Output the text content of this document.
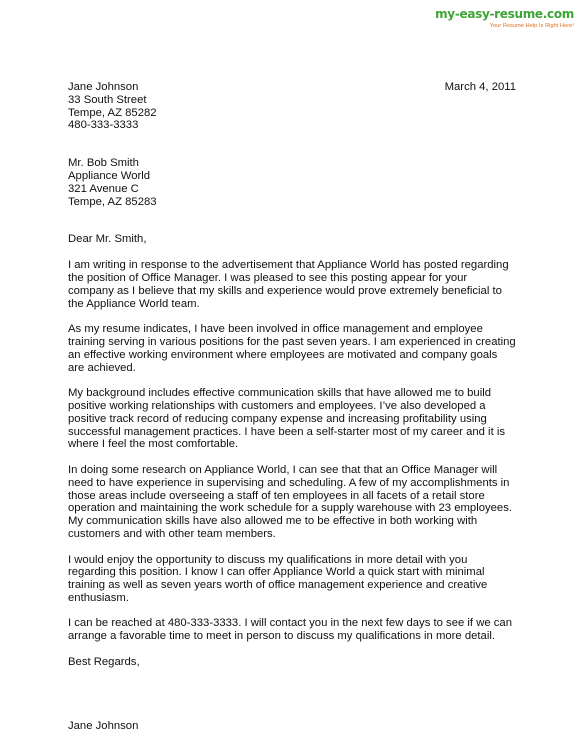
my-easy-resume.com
Your Resume Help Is Right Here!
March 4, 2011
Jane Johnson
33 South Street
Tempe, AZ 85282
480-333-3333
Mr. Bob Smith
Appliance World
321 Avenue C
Tempe, AZ 85283
Dear Mr. Smith,

I am writing in response to the advertisement that Appliance World has posted regarding the position of Office Manager. I was pleased to see this posting appear for your company as I believe that my skills and experience would prove extremely beneficial to the Appliance World team.

As my resume indicates, I have been involved in office management and employee training serving in various positions for the past seven years. I am experienced in creating an effective working environment where employees are motivated and company goals are achieved.

My background includes effective communication skills that have allowed me to build positive working relationships with customers and employees. I’ve also developed a positive track record of reducing company expense and increasing profitability using successful management practices. I have been a self-starter most of my career and it is where I feel the most comfortable.

In doing some research on Appliance World, I can see that that an Office Manager will need to have experience in supervising and scheduling. A few of my accomplishments in those areas include overseeing a staff of ten employees in all facets of a retail store operation and maintaining the work schedule for a supply warehouse with 23 employees. My communication skills have also allowed me to be effective in both working with customers and with other team members.

I would enjoy the opportunity to discuss my qualifications in more detail with you regarding this position. I know I can offer Appliance World a quick start with minimal training as well as seven years worth of office management experience and creative enthusiasm.

I can be reached at 480-333-3333. I will contact you in the next few days to see if we can arrange a favorable time to meet in person to discuss my qualifications in more detail.

Best Regards,
Jane Johnson
